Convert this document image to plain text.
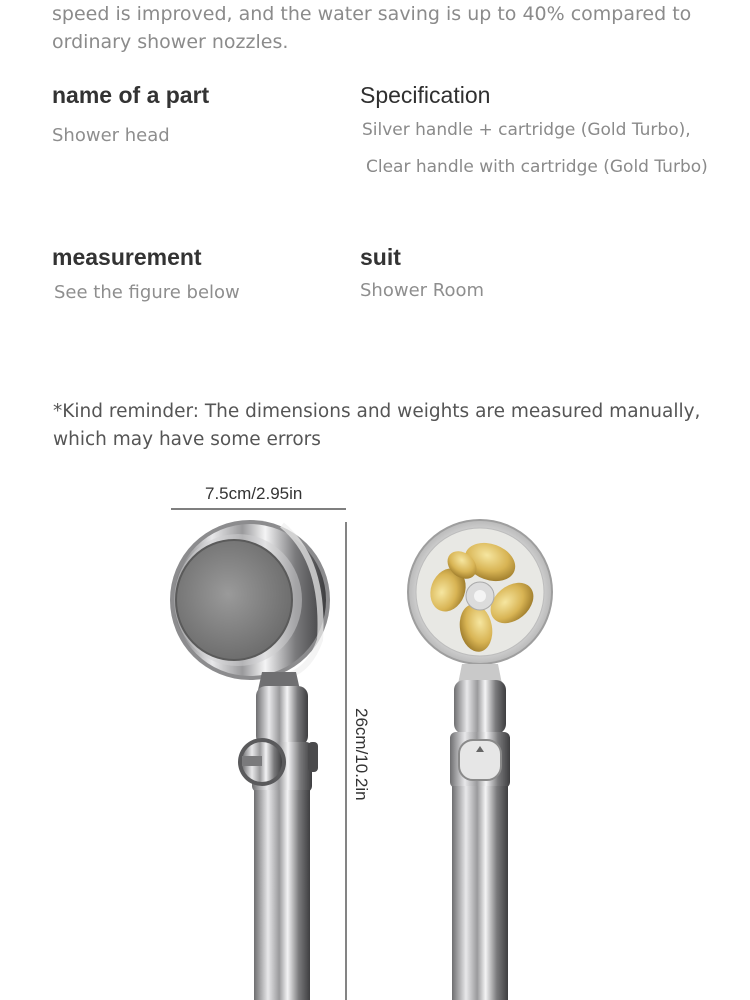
speed is improved, and the water saving is up to 40% compared to ordinary shower nozzles.
name of a part
Shower head
Specification
Silver handle + cartridge (Gold Turbo),
Clear handle with cartridge (Gold Turbo)
measurement
See the figure below
suit
Shower Room
*Kind reminder: The dimensions and weights are measured manually, which may have some errors
7.5cm/2.95in
26cm/10.2in
